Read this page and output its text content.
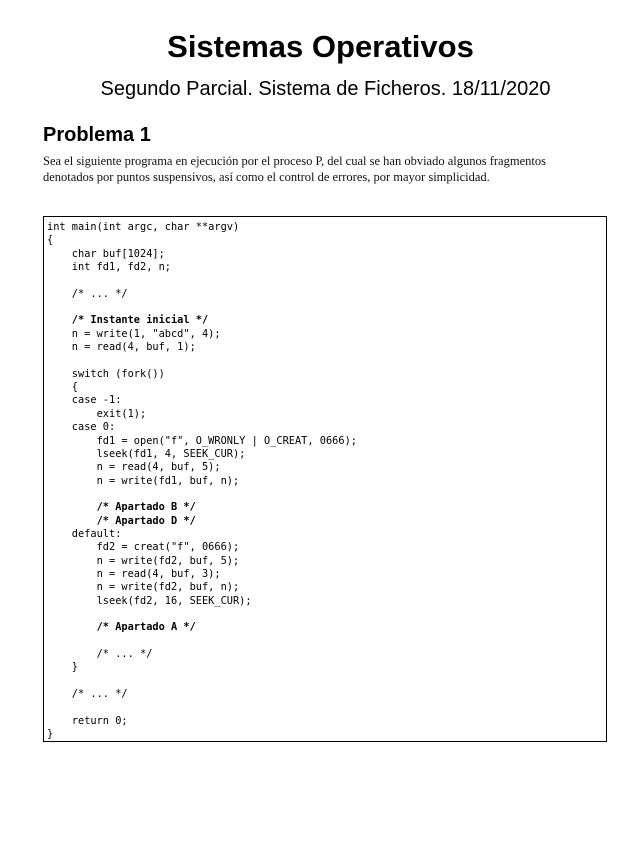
Sistemas Operativos
Segundo Parcial. Sistema de Ficheros. 18/11/2020
Problema 1
Sea el siguiente programa en ejecución por el proceso P, del cual se han obviado algunos fragmentos denotados por puntos suspensivos, así como el control de errores, por mayor simplicidad.
int main(int argc, char **argv)
{
char buf[1024];
int fd1, fd2, n;
/* ... */
/* Instante inicial */
n = write(1, "abcd", 4);
n = read(4, buf, 1);
switch (fork())
{
case -1:
exit(1);
case 0:
fd1 = open("f", O_WRONLY | O_CREAT, 0666);
lseek(fd1, 4, SEEK_CUR);
n = read(4, buf, 5);
n = write(fd1, buf, n);
/* Apartado B */
/* Apartado D */
default:
fd2 = creat("f", 0666);
n = write(fd2, buf, 5);
n = read(4, buf, 3);
n = write(fd2, buf, n);
lseek(fd2, 16, SEEK_CUR);
/* Apartado A */
/* ... */
}
/* ... */
return 0;
}
